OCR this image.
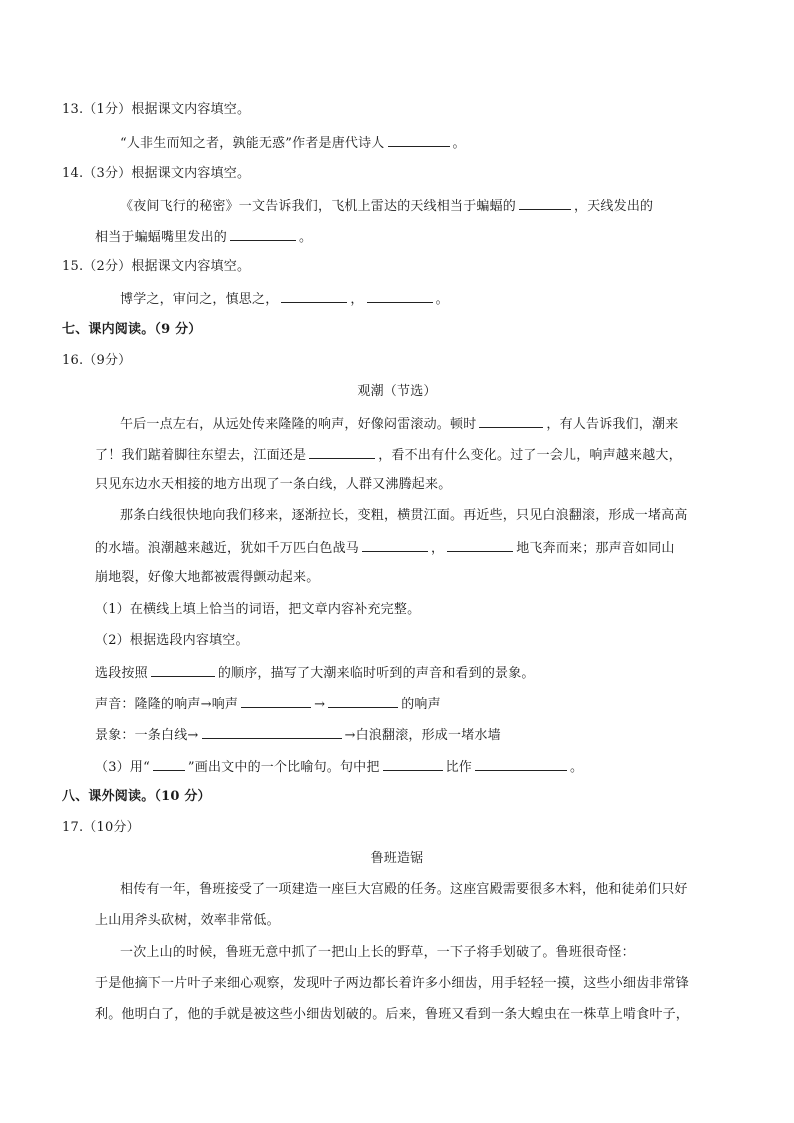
13.（1分）根据课文内容填空。
“人非生而知之者，孰能无惑”作者是唐代诗人	。
14.（3分）根据课文内容填空。
《夜间飞行的秘密》一文告诉我们，飞机上雷达的天线相当于蝙蝠的	，天线发出的
相当于蝙蝠嘴里发出的	。
15.（2分）根据课文内容填空。
博学之，审问之，慎思之，	，	。
七、课内阅读。（9 分）
16.（9分）
观潮（节选）
午后一点左右，从远处传来隆隆的响声，好像闷雷滚动。顿时	，有人告诉我们，潮来
了！我们踮着脚往东望去，江面还是	，看不出有什么变化。过了一会儿，响声越来越大，
只见东边水天相接的地方出现了一条白线，人群又沸腾起来。
那条白线很快地向我们移来，逐渐拉长，变粗，横贯江面。再近些，只见白浪翻滚，形成一堵高高
的水墙。浪潮越来越近，犹如千万匹白色战马	，	地飞奔而来；那声音如同山
崩地裂，好像大地都被震得颤动起来。
（1）在横线上填上恰当的词语，把文章内容补充完整。
（2）根据选段内容填空。
选段按照	的顺序，描写了大潮来临时听到的声音和看到的景象。
声音：隆隆的响声→响声	→	的响声
景象：一条白线→	→白浪翻滚，形成一堵水墙
（3）用“	”画出文中的一个比喻句。句中把	比作	。
八、课外阅读。（10 分）
17.（10分）
鲁班造锯
相传有一年，鲁班接受了一项建造一座巨大宫殿的任务。这座宫殿需要很多木料，他和徒弟们只好
上山用斧头砍树，效率非常低。
一次上山的时候，鲁班无意中抓了一把山上长的野草，一下子将手划破了。鲁班很奇怪：
于是他摘下一片叶子来细心观察，发现叶子两边都长着许多小细齿，用手轻轻一摸，这些小细齿非常锋
利。他明白了，他的手就是被这些小细齿划破的。后来，鲁班又看到一条大蝗虫在一株草上啃食叶子，
